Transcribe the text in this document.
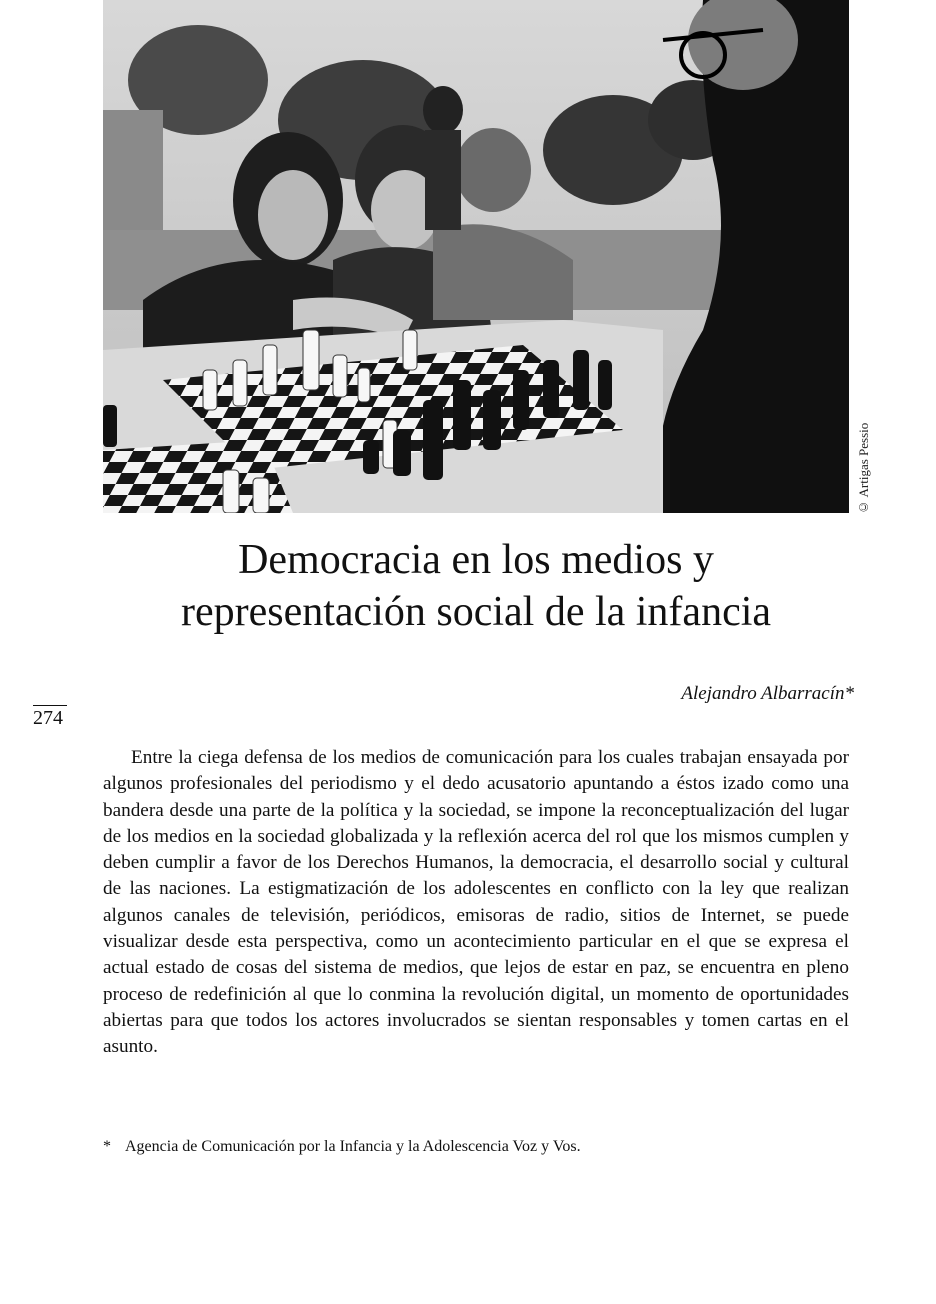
© Artigas Pessio
Democracia en los medios y
representación social de la infancia
Alejandro Albarracín*
274

Entre la ciega defensa de los medios de comunicación para los cuales trabajan ensayada por algunos profesionales del periodismo y el dedo acusatorio apuntando a éstos izado como una bandera desde una parte de la política y la sociedad, se impone la reconceptualización del lugar de los medios en la sociedad globalizada y la reflexión acerca del rol que los mismos cumplen y deben cumplir a favor de los Derechos Humanos, la democracia, el desarrollo social y cultural de las naciones. La estigmatización de los adolescentes en conflicto con la ley que realizan algunos canales de televisión, periódicos, emisoras de radio, sitios de Internet, se puede visualizar desde esta perspectiva, como un acontecimiento particular en el que se expresa el actual estado de cosas del sistema de medios, que lejos de estar en paz, se encuentra en pleno proceso de redefinición al que lo conmina la revolución digital, un momento de oportunidades abiertas para que todos los actores involucrados se sientan responsables y tomen cartas en el asunto.

* Agencia de Comunicación por la Infancia y la Adolescencia Voz y Vos.
